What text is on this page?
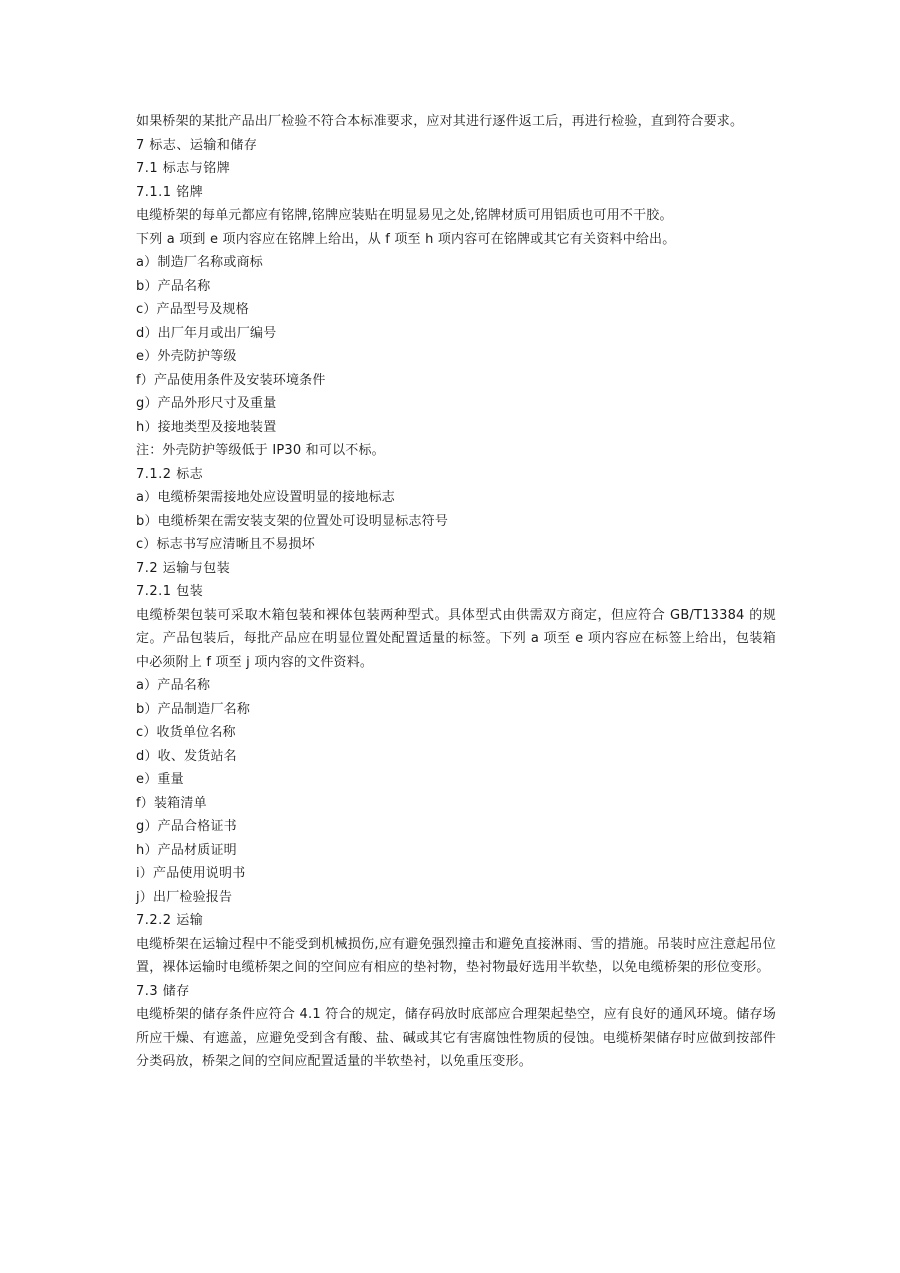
如果桥架的某批产品出厂检验不符合本标准要求，应对其进行逐件返工后，再进行检验，直到符合要求。
7 标志、运输和储存
7.1 标志与铭牌
7.1.1 铭牌
电缆桥架的每单元都应有铭牌,铭牌应装贴在明显易见之处,铭牌材质可用铝质也可用不干胶。
下列 a 项到 e 项内容应在铭牌上给出，从 f 项至 h 项内容可在铭牌或其它有关资料中给出。
a）制造厂名称或商标
b）产品名称
c）产品型号及规格
d）出厂年月或出厂编号
e）外壳防护等级
f）产品使用条件及安装环境条件
g）产品外形尺寸及重量
h）接地类型及接地装置
注：外壳防护等级低于 IP30 和可以不标。
7.1.2 标志
a）电缆桥架需接地处应设置明显的接地标志
b）电缆桥架在需安装支架的位置处可设明显标志符号
c）标志书写应清晰且不易损坏
7.2 运输与包装
7.2.1 包装
电缆桥架包装可采取木箱包装和裸体包装两种型式。具体型式由供需双方商定，但应符合 GB/T13384 的规定。产品包装后，每批产品应在明显位置处配置适量的标签。下列 a 项至 e 项内容应在标签上给出，包装箱中必须附上 f 项至 j 项内容的文件资料。
a）产品名称
b）产品制造厂名称
c）收货单位名称
d）收、发货站名
e）重量
f）装箱清单
g）产品合格证书
h）产品材质证明
i）产品使用说明书
j）出厂检验报告
7.2.2 运输
电缆桥架在运输过程中不能受到机械损伤,应有避免强烈撞击和避免直接淋雨、雪的措施。吊装时应注意起吊位置，裸体运输时电缆桥架之间的空间应有相应的垫衬物，垫衬物最好选用半软垫，以免电缆桥架的形位变形。
7.3 储存
电缆桥架的储存条件应符合 4.1 符合的规定，储存码放时底部应合理架起垫空，应有良好的通风环境。储存场所应干燥、有遮盖，应避免受到含有酸、盐、碱或其它有害腐蚀性物质的侵蚀。电缆桥架储存时应做到按部件分类码放，桥架之间的空间应配置适量的半软垫衬，以免重压变形。
